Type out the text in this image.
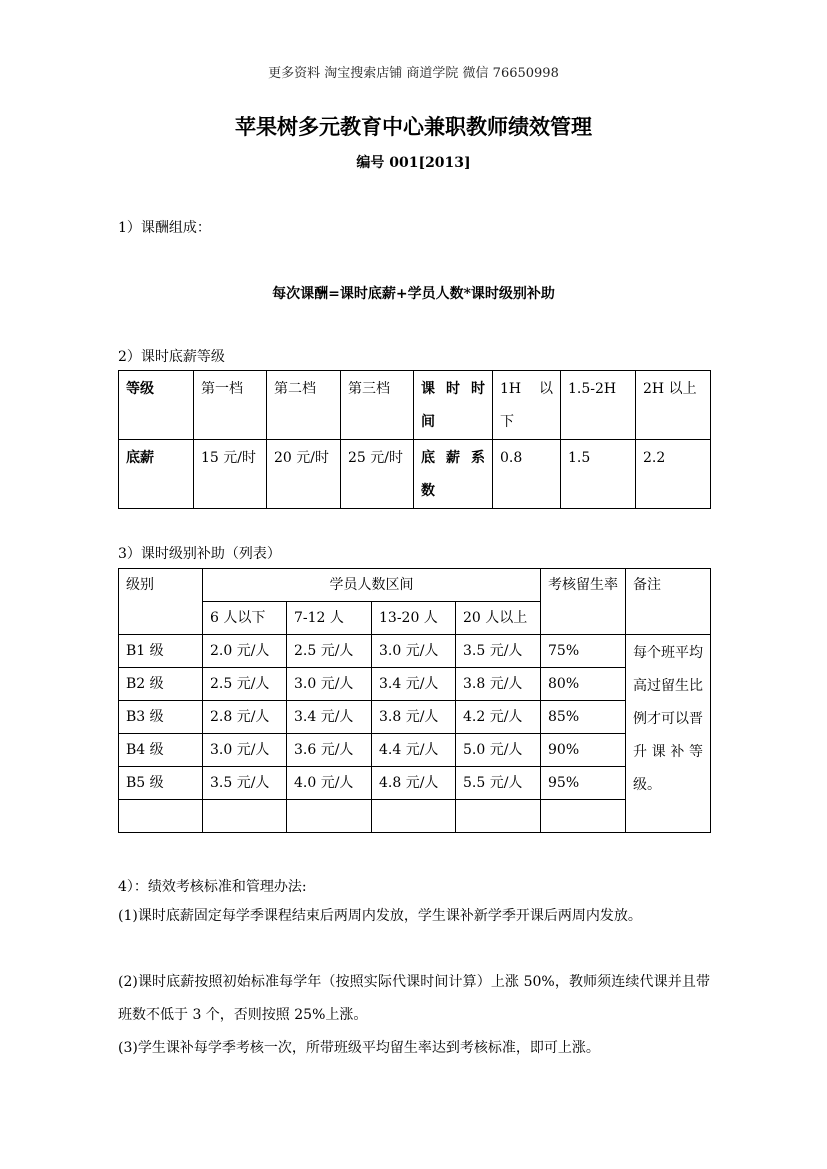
更多资料 淘宝搜索店铺 商道学院 微信 76650998
苹果树多元教育中心兼职教师绩效管理
编号 001[2013]
1）课酬组成：
每次课酬=课时底薪+学员人数*课时级别补助
2）课时底薪等级
等级	第一档	第二档	第三档	课 时 时 间	1H 以 下	1.5-2H	2H 以上
底薪	15 元/时	20 元/时	25 元/时	底 薪 系 数	0.8	1.5	2.2
3）课时级别补助（列表）
级别	学员人数区间				考核留生率	备注
	6 人以下	7-12 人	13-20 人	20 人以上		
B1 级	2.0 元/人	2.5 元/人	3.0 元/人	3.5 元/人	75%	每个班平均高过留生比例才可以晋升课补等级。
B2 级	2.5 元/人	3.0 元/人	3.4 元/人	3.8 元/人	80%	
B3 级	2.8 元/人	3.4 元/人	3.8 元/人	4.2 元/人	85%	
B4 级	3.0 元/人	3.6 元/人	4.4 元/人	5.0 元/人	90%	
B5 级	3.5 元/人	4.0 元/人	4.8 元/人	5.5 元/人	95%	

4）：绩效考核标准和管理办法:
(1)课时底薪固定每学季课程结束后两周内发放，学生课补新学季开课后两周内发放。
(2)课时底薪按照初始标准每学年（按照实际代课时间计算）上涨 50%，教师须连续代课并且带班数不低于 3 个，否则按照 25%上涨。
(3)学生课补每学季考核一次，所带班级平均留生率达到考核标准，即可上涨。
